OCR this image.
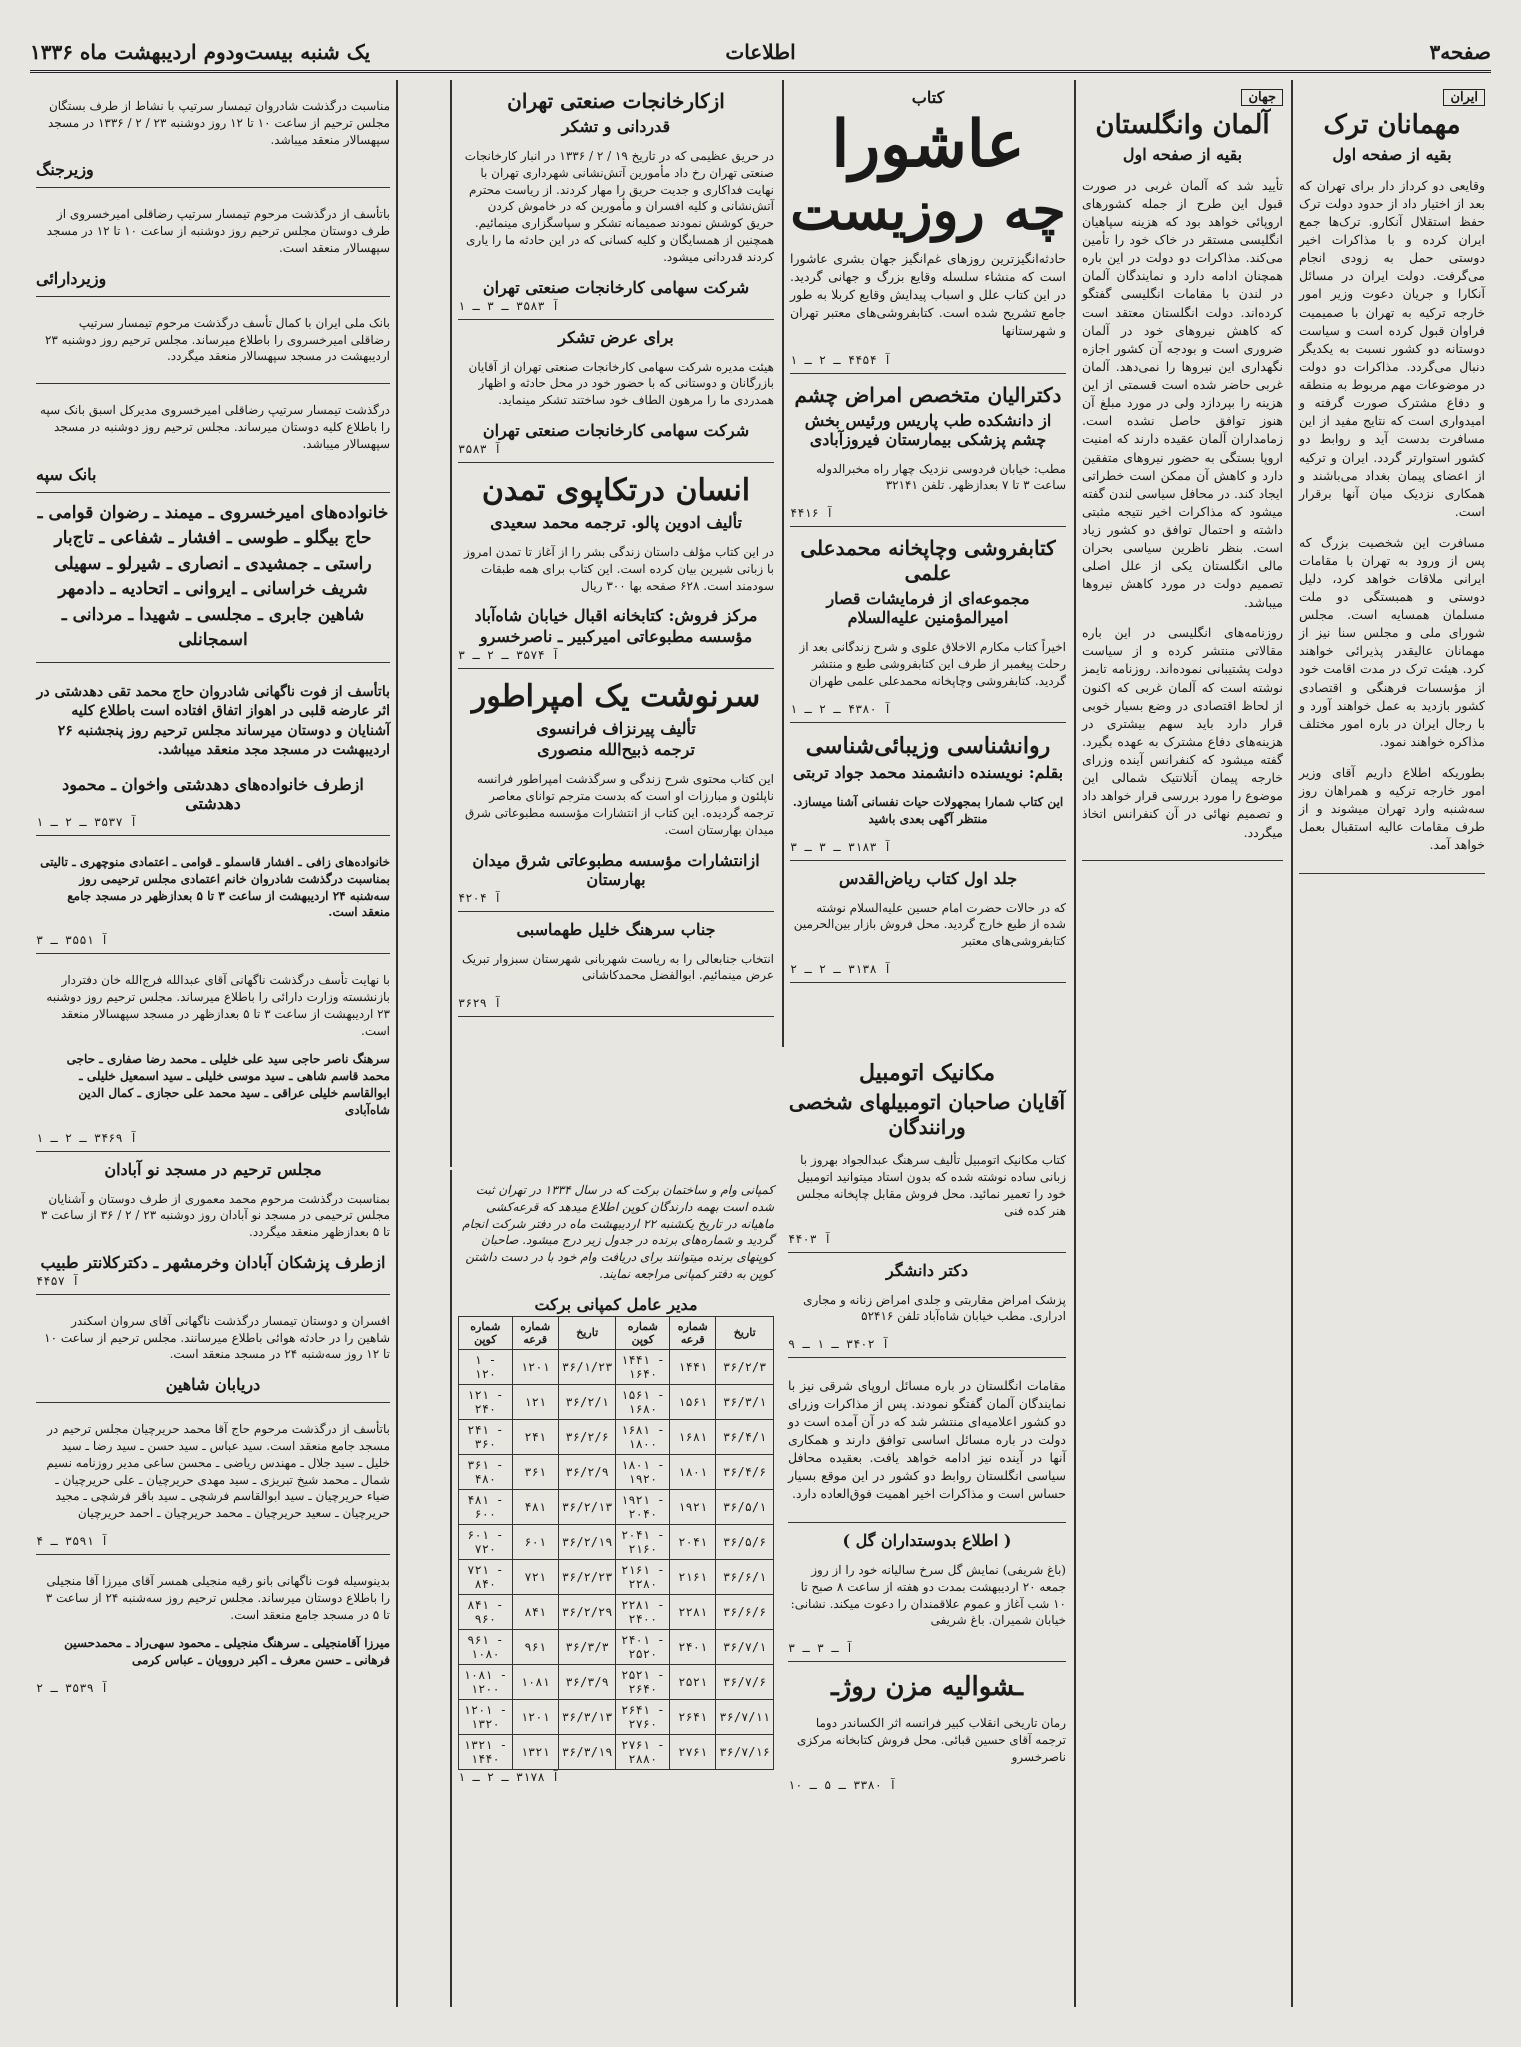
صفحه۳
اطلاعات
یک شنبه بیست‌ودوم اردیبهشت ماه ۱۳۳۶
ایران
مهمانان ترک
بقیه از صفحه اول

وقایعی دو کرداز دار برای تهران که بعد از اختیار داد از حدود دولت ترک حفظ استقلال آنکارو. ترک‌ها جمع ایران کرده و با مذاکرات اخیر دوستی حمل به زودی انجام می‌گرفت. دولت ایران در مسائل آنکارا و جریان دعوت وزیر امور خارجه ترکیه به تهران با صمیمیت فراوان قبول کرده است و سیاست دوستانه دو کشور نسبت به یکدیگر دنبال می‌گردد. مذاکرات دو دولت در موضوعات مهم مربوط به منطقه و دفاع مشترک صورت گرفته و امیدواری است که نتایج مفید از این مسافرت بدست آید و روابط دو کشور استوارتر گردد. ایران و ترکیه از اعضای پیمان بغداد می‌باشند و همکاری نزدیک میان آنها برقرار است.

مسافرت این شخصیت بزرگ که پس از ورود به تهران با مقامات ایرانی ملاقات خواهد کرد، دلیل دوستی و همبستگی دو ملت مسلمان همسایه است. مجلس شورای ملی و مجلس سنا نیز از مهمانان عالیقدر پذیرائی خواهند کرد. هیئت ترک در مدت اقامت خود از مؤسسات فرهنگی و اقتصادی کشور بازدید به عمل خواهند آورد و با رجال ایران در باره امور مختلف مذاکره خواهند نمود.

بطوریکه اطلاع داریم آقای وزیر امور خارجه ترکیه و همراهان روز سه‌شنبه وارد تهران میشوند و از طرف مقامات عالیه استقبال بعمل خواهد آمد.

جهان
آلمان وانگلستان
بقیه از صفحه اول

تأیید شد که آلمان غربی در صورت قبول این طرح از جمله کشورهای اروپائی خواهد بود که هزینه سپاهیان انگلیسی مستقر در خاک خود را تأمین می‌کند. مذاکرات دو دولت در این باره همچنان ادامه دارد و نمایندگان آلمان در لندن با مقامات انگلیسی گفتگو کرده‌اند. دولت انگلستان معتقد است که کاهش نیروهای خود در آلمان ضروری است و بودجه آن کشور اجازه نگهداری این نیروها را نمی‌دهد. آلمان غربی حاضر شده است قسمتی از این هزینه را بپردازد ولی در مورد مبلغ آن هنوز توافق حاصل نشده است. زمامداران آلمان عقیده دارند که امنیت اروپا بستگی به حضور نیروهای متفقین دارد و کاهش آن ممکن است خطراتی ایجاد کند. در محافل سیاسی لندن گفته میشود که مذاکرات اخیر نتیجه مثبتی داشته و احتمال توافق دو کشور زیاد است. بنظر ناظرین سیاسی بحران مالی انگلستان یکی از علل اصلی تصمیم دولت در مورد کاهش نیروها میباشد.

روزنامه‌های انگلیسی در این باره مقالاتی منتشر کرده و از سیاست دولت پشتیبانی نموده‌اند. روزنامه تایمز نوشته است که آلمان غربی که اکنون از لحاظ اقتصادی در وضع بسیار خوبی قرار دارد باید سهم بیشتری در هزینه‌های دفاع مشترک به عهده بگیرد. گفته میشود که کنفرانس آینده وزرای خارجه پیمان آتلانتیک شمالی این موضوع را مورد بررسی قرار خواهد داد و تصمیم نهائی در آن کنفرانس اتخاذ میگردد.

کتاب
عاشورا
چه روزیست

حادثه‌انگیزترین روزهای غم‌انگیز جهان بشری عاشورا است که منشاء سلسله وقایع بزرگ و جهانی گردید. در این کتاب علل و اسباب پیدایش وقایع کربلا به طور جامع تشریح شده است. کتابفروشی‌های معتبر تهران و شهرستانها

آ ۴۴۵۴ ـ ۲ ـ ۱
دکترالیان متخصص امراض چشم
از دانشکده طب پاریس ورئیس بخش چشم پزشکی بیمارستان فیروزآبادی

مطب: خیابان فردوسی نزدیک چهار راه مخبرالدوله ساعت ۳ تا ۷ بعدازظهر. تلفن ۳۲۱۴۱

آ ۴۴۱۶
کتابفروشی وچاپخانه محمدعلی علمی
مجموعه‌ای از فرمایشات قصار امیرالمؤمنین علیه‌السلام

اخیراً کتاب مکارم الاخلاق علوی و شرح زندگانی بعد از رحلت پیغمبر از طرف این کتابفروشی طبع و منتشر گردید. کتابفروشی وچاپخانه محمدعلی علمی طهران

آ ۴۳۸۰ ـ ۲ ـ ۱
روانشناسی وزیبائی‌شناسی
بقلم: نویسنده دانشمند محمد جواد تربتی

این کتاب شمارا بمجهولات حیات نفسانی آشنا میسازد. منتظر آگهی بعدی باشید

آ ۳۱۸۳ ـ ۳ ـ ۳
جلد اول کتاب ریاض‌القدس

که در حالات حضرت امام حسین علیه‌السلام نوشته شده از طبع خارج گردید. محل فروش بازار بین‌الحرمین کتابفروشی‌های معتبر

آ ۳۱۳۸ ـ ۲ ـ ۲
ازکارخانجات صنعتی تهران
قدردانی و تشکر

در حریق عظیمی که در تاریخ ۱۹ / ۲ / ۱۳۳۶ در انبار کارخانجات صنعتی تهران رخ داد مأمورین آتش‌نشانی شهرداری تهران با نهایت فداکاری و جدیت حریق را مهار کردند. از ریاست محترم آتش‌نشانی و کلیه افسران و مأمورین که در خاموش کردن حریق کوشش نمودند صمیمانه تشکر و سپاسگزاری مینمائیم. همچنین از همسایگان و کلیه کسانی که در این حادثه ما را یاری کردند قدردانی میشود.

شرکت سهامی کارخانجات صنعتی تهران
آ ۳۵۸۳ ـ ۳ ـ ۱
برای عرض تشکر

هیئت مدیره شرکت سهامی کارخانجات صنعتی تهران از آقایان بازرگانان و دوستانی که با حضور خود در محل حادثه و اظهار همدردی ما را مرهون الطاف خود ساختند تشکر مینماید.

شرکت سهامی کارخانجات صنعتی تهران
آ ۳۵۸۳
انسان درتکاپوی تمدن
تألیف ادوین پالو. ترجمه محمد سعیدی

در این کتاب مؤلف داستان زندگی بشر را از آغاز تا تمدن امروز با زبانی شیرین بیان کرده است. این کتاب برای همه طبقات سودمند است. ۶۲۸ صفحه بها ۳۰۰ ریال

مرکز فروش: کتابخانه اقبال خیابان شاه‌آباد
مؤسسه مطبوعاتی امیرکبیر ـ ناصرخسرو
آ ۳۵۷۴ ـ ۲ ـ ۳
سرنوشت یک امپراطور
تألیف پیرنزاف فرانسوی
ترجمه ذبیح‌الله منصوری

این کتاب محتوی شرح زندگی و سرگذشت امپراطور فرانسه ناپلئون و مبارزات او است که بدست مترجم توانای معاصر ترجمه گردیده. این کتاب از انتشارات مؤسسه مطبوعاتی شرق میدان بهارستان است.

ازانتشارات مؤسسه مطبوعاتی شرق میدان بهارستان
آ ۴۲۰۴
جناب سرهنگ خلیل طهماسبی

انتخاب جنابعالی را به ریاست شهربانی شهرستان سبزوار تبریک عرض مینمائیم. ابوالفضل محمدکاشانی

آ ۳۶۲۹
مکانیک اتومبیل
آقایان صاحبان اتومبیلهای شخصی ورانندگان

کتاب مکانیک اتومبیل تألیف سرهنگ عبدالجواد بهروز با زبانی ساده نوشته شده که بدون استاد میتوانید اتومبیل خود را تعمیر نمائید. محل فروش مقابل چاپخانه مجلس هنر کده فنی

آ ۴۴۰۳
دکتر دانشگر

پزشک امراض مقاربتی و جلدی امراض زنانه و مجاری ادراری. مطب خیابان شاه‌آباد تلفن ۵۲۴۱۶

آ ۳۴۰۲ ـ ۱ ـ ۹

مقامات انگلستان در باره مسائل اروپای شرقی نیز با نمایندگان آلمان گفتگو نمودند. پس از مذاکرات وزرای دو کشور اعلامیه‌ای منتشر شد که در آن آمده است دو دولت در باره مسائل اساسی توافق دارند و همکاری آنها در آینده نیز ادامه خواهد یافت. بعقیده محافل سیاسی انگلستان روابط دو کشور در این موقع بسیار حساس است و مذاکرات اخیر اهمیت فوق‌العاده دارد.

( اطلاع بدوستداران گل )

(باغ شریفی) نمایش گل سرخ سالیانه خود را از روز جمعه ۲۰ اردیبهشت بمدت دو هفته از ساعت ۸ صبح تا ۱۰ شب آغاز و عموم علاقمندان را دعوت میکند. نشانی: خیابان شمیران. باغ شریفی

آ ـ ۳ ـ ۳
ـشوالیه مزن روژـ

رمان تاریخی انقلاب کبیر فرانسه اثر الکساندر دوما ترجمه آقای حسین قبائی. محل فروش کتابخانه مرکزی ناصرخسرو

آ ۳۳۸۰ ـ ۵ ـ ۱۰

کمپانی وام و ساختمان برکت که در سال ۱۳۳۴ در تهران ثبت شده است بهمه دارندگان کوپن اطلاع میدهد که قرعه‌کشی ماهیانه در تاریخ یکشنبه ۲۲ اردیبهشت ماه در دفتر شرکت انجام گردید و شماره‌های برنده در جدول زیر درج میشود. صاحبان کوپنهای برنده میتوانند برای دریافت وام خود با در دست داشتن کوپن به دفتر کمپانی مراجعه نمایند.

مدیر عامل کمپانی برکت
شماره کوپن	شماره قرعه	تاریخ	شماره کوپن	شماره قرعه	تاریخ
۱ - ۱۲۰	۱۲۰۱	۳۶/۱/۲۳	۱۴۴۱ - ۱۶۴۰	۱۴۴۱	۳۶/۲/۳
۱۲۱ - ۲۴۰	۱۲۱	۳۶/۲/۱	۱۵۶۱ - ۱۶۸۰	۱۵۶۱	۳۶/۳/۱
۲۴۱ - ۳۶۰	۲۴۱	۳۶/۲/۶	۱۶۸۱ - ۱۸۰۰	۱۶۸۱	۳۶/۴/۱
۳۶۱ - ۴۸۰	۳۶۱	۳۶/۲/۹	۱۸۰۱ - ۱۹۲۰	۱۸۰۱	۳۶/۴/۶
۴۸۱ - ۶۰۰	۴۸۱	۳۶/۲/۱۳	۱۹۲۱ - ۲۰۴۰	۱۹۲۱	۳۶/۵/۱
۶۰۱ - ۷۲۰	۶۰۱	۳۶/۲/۱۹	۲۰۴۱ - ۲۱۶۰	۲۰۴۱	۳۶/۵/۶
۷۲۱ - ۸۴۰	۷۲۱	۳۶/۲/۲۳	۲۱۶۱ - ۲۲۸۰	۲۱۶۱	۳۶/۶/۱
۸۴۱ - ۹۶۰	۸۴۱	۳۶/۲/۲۹	۲۲۸۱ - ۲۴۰۰	۲۲۸۱	۳۶/۶/۶
۹۶۱ - ۱۰۸۰	۹۶۱	۳۶/۳/۳	۲۴۰۱ - ۲۵۲۰	۲۴۰۱	۳۶/۷/۱
۱۰۸۱ - ۱۲۰۰	۱۰۸۱	۳۶/۳/۹	۲۵۲۱ - ۲۶۴۰	۲۵۲۱	۳۶/۷/۶
۱۲۰۱ - ۱۳۲۰	۱۲۰۱	۳۶/۳/۱۳	۲۶۴۱ - ۲۷۶۰	۲۶۴۱	۳۶/۷/۱۱
۱۳۲۱ - ۱۴۴۰	۱۳۲۱	۳۶/۳/۱۹	۲۷۶۱ - ۲۸۸۰	۲۷۶۱	۳۶/۷/۱۶
آ ۳۱۷۸ ـ ۲ ـ ۱

مناسبت درگذشت شادروان تیمسار سرتیپ با نشاط از طرف بستگان مجلس ترحیم از ساعت ۱۰ تا ۱۲ روز دوشنبه ۲۳ / ۲ / ۱۳۳۶ در مسجد سپهسالار منعقد میباشد.

وزیرجنگ

باتأسف از درگذشت مرحوم تیمسار سرتیپ رضاقلی امیرخسروی از طرف دوستان مجلس ترحیم روز دوشنبه از ساعت ۱۰ تا ۱۲ در مسجد سپهسالار منعقد است.

وزیردارائی

بانک ملی ایران با کمال تأسف درگذشت مرحوم تیمسار سرتیپ رضاقلی امیرخسروی را باطلاع میرساند. مجلس ترحیم روز دوشنبه ۲۳ اردیبهشت در مسجد سپهسالار منعقد میگردد.

درگذشت تیمسار سرتیپ رضاقلی امیرخسروی مدیرکل اسبق بانک سپه را باطلاع کلیه دوستان میرساند. مجلس ترحیم روز دوشنبه در مسجد سپهسالار میباشد.

بانک سپه

خانواده‌های امیرخسروی ـ میمند ـ رضوان قوامی ـ حاج بیگلو ـ طوسی ـ افشار ـ شفاعی ـ تاج‌بار راستی ـ جمشیدی ـ انصاری ـ شیرلو ـ سهیلی شریف خراسانی ـ ایروانی ـ اتحادیه ـ دادمهر شاهین جابری ـ مجلسی ـ شهیدا ـ مردانی ـ اسمجانلی

باتأسف از فوت ناگهانی شادروان حاج محمد تقی دهدشتی در اثر عارضه قلبی در اهواز اتفاق افتاده است باطلاع کلیه آشنایان و دوستان میرساند مجلس ترحیم روز پنجشنبه ۲۶ اردیبهشت در مسجد مجد منعقد میباشد.

ازطرف خانواده‌های دهدشتی واخوان ـ محمود دهدشتی
آ ۳۵۳۷ ـ ۲ ـ ۱

خانواده‌های زافی ـ افشار قاسملو ـ قوامی ـ اعتمادی منوچهری ـ تالیتی بمناسبت درگذشت شادروان خانم اعتمادی مجلس ترحیمی روز سه‌شنبه ۲۴ اردیبهشت از ساعت ۳ تا ۵ بعدازظهر در مسجد جامع منعقد است.

آ ۳۵۵۱ ـ ۳

با نهایت تأسف درگذشت ناگهانی آقای عبدالله فرج‌الله خان دفتردار بازنشسته وزارت دارائی را باطلاع میرساند. مجلس ترحیم روز دوشنبه ۲۳ اردیبهشت از ساعت ۳ تا ۵ بعدازظهر در مسجد سپهسالار منعقد است.

سرهنگ ناصر حاجی سید علی خلیلی ـ محمد رضا صفاری ـ حاجی محمد قاسم شاهی ـ سید موسی خلیلی ـ سید اسمعیل خلیلی ـ ابوالقاسم خلیلی عراقی ـ سید محمد علی حجازی ـ کمال الدین شاه‌آبادی

آ ۳۴۶۹ ـ ۲ ـ ۱
مجلس ترحیم در مسجد نو آبادان

بمناسبت درگذشت مرحوم محمد معموری از طرف دوستان و آشنایان مجلس ترحیمی در مسجد نو آبادان روز دوشنبه ۲۳ / ۲ / ۳۶ از ساعت ۳ تا ۵ بعدازظهر منعقد میگردد.

ازطرف پزشکان آبادان وخرمشهر ـ دکترکلانتر طبیب
آ ۴۴۵۷

افسران و دوستان تیمسار درگذشت ناگهانی آقای سروان اسکندر شاهین را در حادثه هوائی باطلاع میرسانند. مجلس ترحیم از ساعت ۱۰ تا ۱۲ روز سه‌شنبه ۲۴ در مسجد منعقد است.

دریابان شاهین

باتأسف از درگذشت مرحوم حاج آقا محمد حریرچیان مجلس ترحیم در مسجد جامع منعقد است. سید عباس ـ سید حسن ـ سید رضا ـ سید خلیل ـ سید جلال ـ مهندس ریاضی ـ محسن ساعی مدیر روزنامه نسیم شمال ـ محمد شیخ تبریزی ـ سید مهدی حریرچیان ـ علی حریرچیان ـ ضیاء حریرچیان ـ سید ابوالقاسم فرشچی ـ سید باقر فرشچی ـ مجید حریرچیان ـ سعید حریرچیان ـ محمد حریرچیان ـ احمد حریرچیان

آ ۳۵۹۱ ـ ۴

بدینوسیله فوت ناگهانی بانو رقیه منجیلی همسر آقای میرزا آقا منجیلی را باطلاع دوستان میرساند. مجلس ترحیم روز سه‌شنبه ۲۴ از ساعت ۳ تا ۵ در مسجد جامع منعقد است.

میرزا آقامنجیلی ـ سرهنگ منجیلی ـ محمود سهی‌راد ـ محمدحسین فرهانی ـ حسن معرف ـ اکبر دروویان ـ عباس کرمی

آ ۳۵۳۹ ـ ۲
